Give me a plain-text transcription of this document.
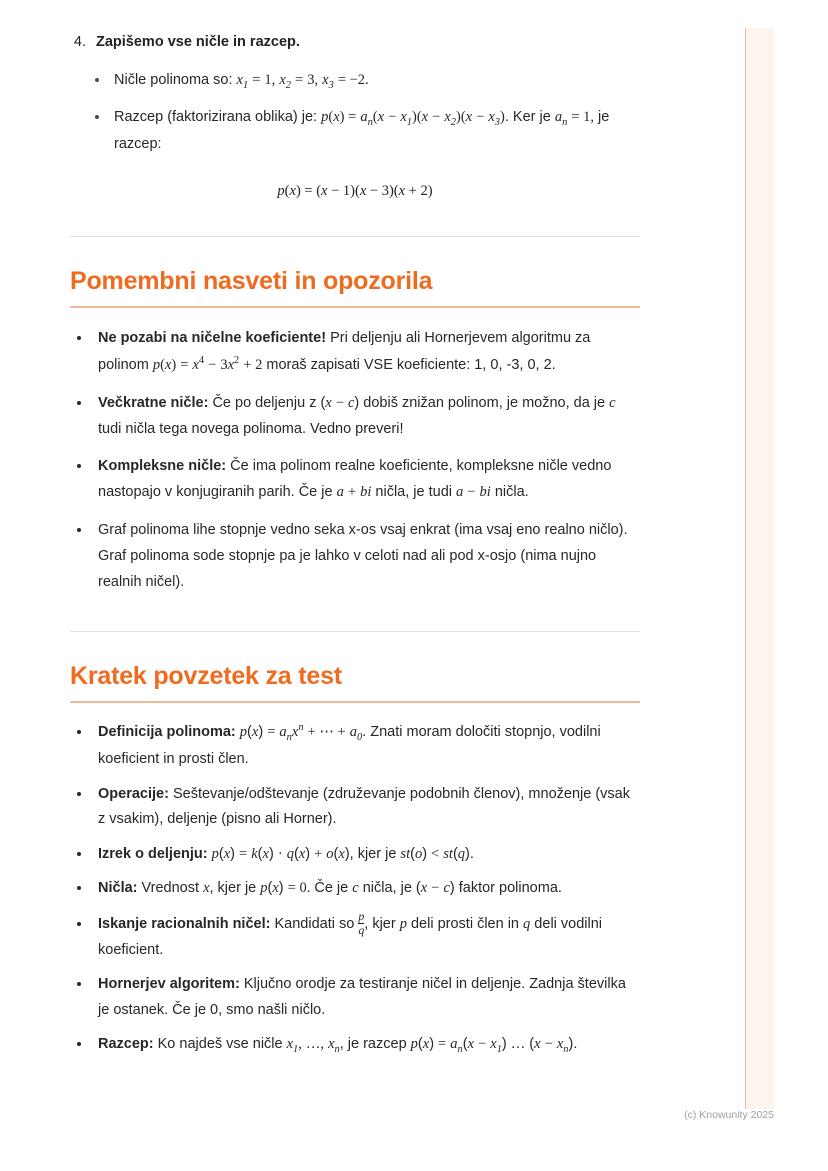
4. Zapišemo vse ničle in razcep.
• Ničle polinoma so: $x_1 = 1$, $x_2 = 3$, $x_3 = -2$.
• Razcep (faktorizirana oblika) je: $p(x) = a_n(x - x_1)(x - x_2)(x - x_3)$. Ker je $a_n = 1$, je razcep:
p(x) = (x − 1)(x − 3)(x + 2)
Pomembni nasveti in opozorila
• Ne pozabi na ničelne koeficiente! Pri deljenju ali Hornerjevem algoritmu za polinom $p(x) = x^4 - 3x^2 + 2$ moraš zapisati VSE koeficiente: 1, 0, -3, 0, 2.
• Večkratne ničle: Če po deljenju z (x − c) dobiš znižan polinom, je možno, da je c tudi ničla tega novega polinoma. Vedno preveri!
• Kompleksne ničle: Če ima polinom realne koeficiente, kompleksne ničle vedno nastopajo v konjugiranih parih. Če je a + bi ničla, je tudi a − bi ničla.
• Graf polinoma lihe stopnje vedno seka x-os vsaj enkrat (ima vsaj eno realno ničlo). Graf polinoma sode stopnje pa je lahko v celoti nad ali pod x-osjo (nima nujno realnih ničel).
Kratek povzetek za test
• Definicija polinoma: $p(x) = a_nx^n$ + ⋯ + $a_0$. Znati moram določiti stopnjo, vodilni koeficient in prosti člen.
• Operacije: Seštevanje/odštevanje (združevanje podobnih členov), množenje (vsak z vsakim), deljenje (pisno ali Horner).
• Izrek o deljenju: p(x) = k(x) · q(x) + o(x), kjer je st(o) < st(q).
• Ničla: Vrednost x, kjer je p(x) = 0. Če je c ničla, je (x − c) faktor polinoma.
• Iskanje racionalnih ničel: Kandidati so $\frac{p}{q}$ , kjer p deli prosti člen in q deli vodilni koeficient.
• Hornerjev algoritem: Ključno orodje za testiranje ničel in deljenje. Zadnja številka je ostanek. Če je 0, smo našli ničlo.
• Razcep: Ko najdeš vse ničle $x_1$, …, $x_n$, je razcep $p(x) = a_n(x - x_1)$ … $(x - x_n)$.
(c) Knowunity 2025
